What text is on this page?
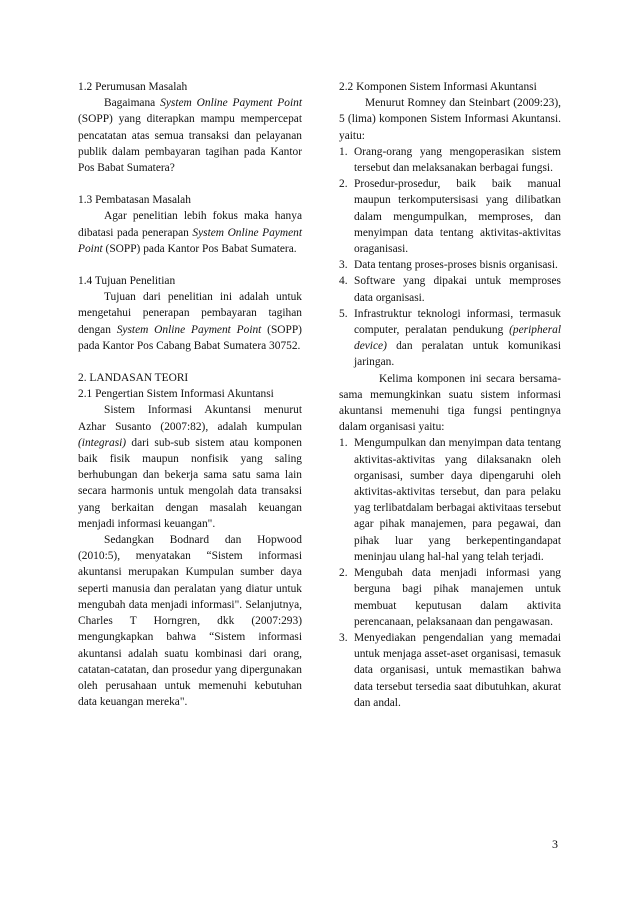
1.2 Perumusan Masalah

Bagaimana System Online Payment Point (SOPP) yang diterapkan mampu mempercepat pencatatan atas semua transaksi dan pelayanan publik dalam pembayaran tagihan pada Kantor Pos Babat Sumatera?

1.3 Pembatasan Masalah

Agar penelitian lebih fokus maka hanya dibatasi pada penerapan System Online Payment Point (SOPP) pada Kantor Pos Babat Sumatera.

1.4 Tujuan Penelitian

Tujuan dari penelitian ini adalah untuk mengetahui penerapan pembayaran tagihan dengan System Online Payment Point (SOPP) pada Kantor Pos Cabang Babat Sumatera 30752.

2. LANDASAN TEORI

2.1 Pengertian Sistem Informasi Akuntansi

Sistem Informasi Akuntansi menurut Azhar Susanto (2007:82), adalah kumpulan (integrasi) dari sub-sub sistem atau komponen baik fisik maupun nonfisik yang saling berhubungan dan bekerja sama satu sama lain secara harmonis untuk mengolah data transaksi yang berkaitan dengan masalah keuangan menjadi informasi keuangan".

Sedangkan Bodnard dan Hopwood (2010:5), menyatakan “Sistem informasi akuntansi merupakan Kumpulan sumber daya seperti manusia dan peralatan yang diatur untuk mengubah data menjadi informasi". Selanjutnya, Charles T Horngren, dkk (2007:293) mengungkapkan bahwa “Sistem informasi akuntansi adalah suatu kombinasi dari orang, catatan-catatan, dan prosedur yang dipergunakan oleh perusahaan untuk memenuhi kebutuhan data keuangan mereka".

2.2 Komponen Sistem Informasi Akuntansi

Menurut Romney dan Steinbart (2009:23), 5 (lima) komponen Sistem Informasi Akuntansi. yaitu:

1. Orang-orang yang mengoperasikan sistem tersebut dan melaksanakan berbagai fungsi.
2. Prosedur-prosedur, baik baik manual maupun terkomputersisasi yang dilibatkan dalam mengumpulkan, memproses, dan menyimpan data tentang aktivitas-aktivitas oraganisasi.
3. Data tentang proses-proses bisnis organisasi.
4. Software yang dipakai untuk memproses data organisasi.
5. Infrastruktur teknologi informasi, termasuk computer, peralatan pendukung (peripheral device) dan peralatan untuk komunikasi jaringan.

Kelima komponen ini secara bersama-sama memungkinkan suatu sistem informasi akuntansi memenuhi tiga fungsi pentingnya dalam organisasi yaitu:

1. Mengumpulkan dan menyimpan data tentang aktivitas-aktivitas yang dilaksanakn oleh organisasi, sumber daya dipengaruhi oleh aktivitas-aktivitas tersebut, dan para pelaku yag terlibatdalam berbagai aktivitaas tersebut agar pihak manajemen, para pegawai, dan pihak luar yang berkepentingandapat meninjau ulang hal-hal yang telah terjadi.
2. Mengubah data menjadi informasi yang berguna bagi pihak manajemen untuk membuat keputusan dalam aktivita perencanaan, pelaksanaan dan pengawasan.
3. Menyediakan pengendalian yang memadai untuk menjaga asset-aset organisasi, temasuk data organisasi, untuk memastikan bahwa data tersebut tersedia saat dibutuhkan, akurat dan andal.
3
